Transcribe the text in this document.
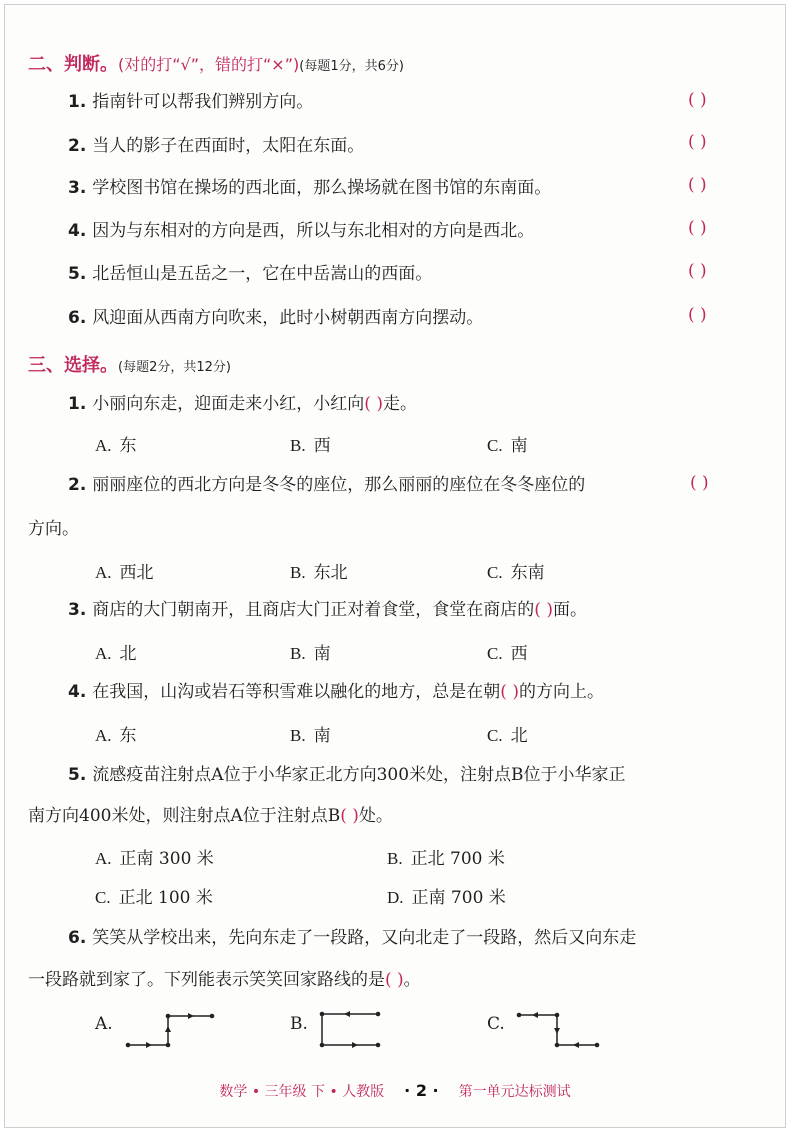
二、判断。(对的打“√”，错的打“×”)(每题1分，共6分)
1. 指南针可以帮我们辨别方向。	( )
2. 当人的影子在西面时，太阳在东面。	( )
3. 学校图书馆在操场的西北面，那么操场就在图书馆的东南面。	( )
4. 因为与东相对的方向是西，所以与东北相对的方向是西北。	( )
5. 北岳恒山是五岳之一，它在中岳嵩山的西面。	( )
6. 风迎面从西南方向吹来，此时小树朝西南方向摆动。	( )
三、选择。(每题2分，共12分)
1. 小丽向东走，迎面走来小红，小红向( )走。
A. 东	B. 西	C. 南
2. 丽丽座位的西北方向是冬冬的座位，那么丽丽的座位在冬冬座位的	( )
方向。
A. 西北	B. 东北	C. 东南
3. 商店的大门朝南开，且商店大门正对着食堂，食堂在商店的( )面。
A. 北	B. 南	C. 西
4. 在我国，山沟或岩石等积雪难以融化的地方，总是在朝( )的方向上。
A. 东	B. 南	C. 北
5. 流感疫苗注射点A位于小华家正北方向300米处，注射点B位于小华家正
南方向400米处，则注射点A位于注射点B( )处。
A. 正南 300 米	B. 正北 700 米
C. 正北 100 米	D. 正南 700 米
6. 笑笑从学校出来，先向东走了一段路，又向北走了一段路，然后又向东走
一段路就到家了。下列能表示笑笑回家路线的是( )。
A.	B.	C.
数学 • 三年级 下 • 人教版 · 2 · 第一单元达标测试
